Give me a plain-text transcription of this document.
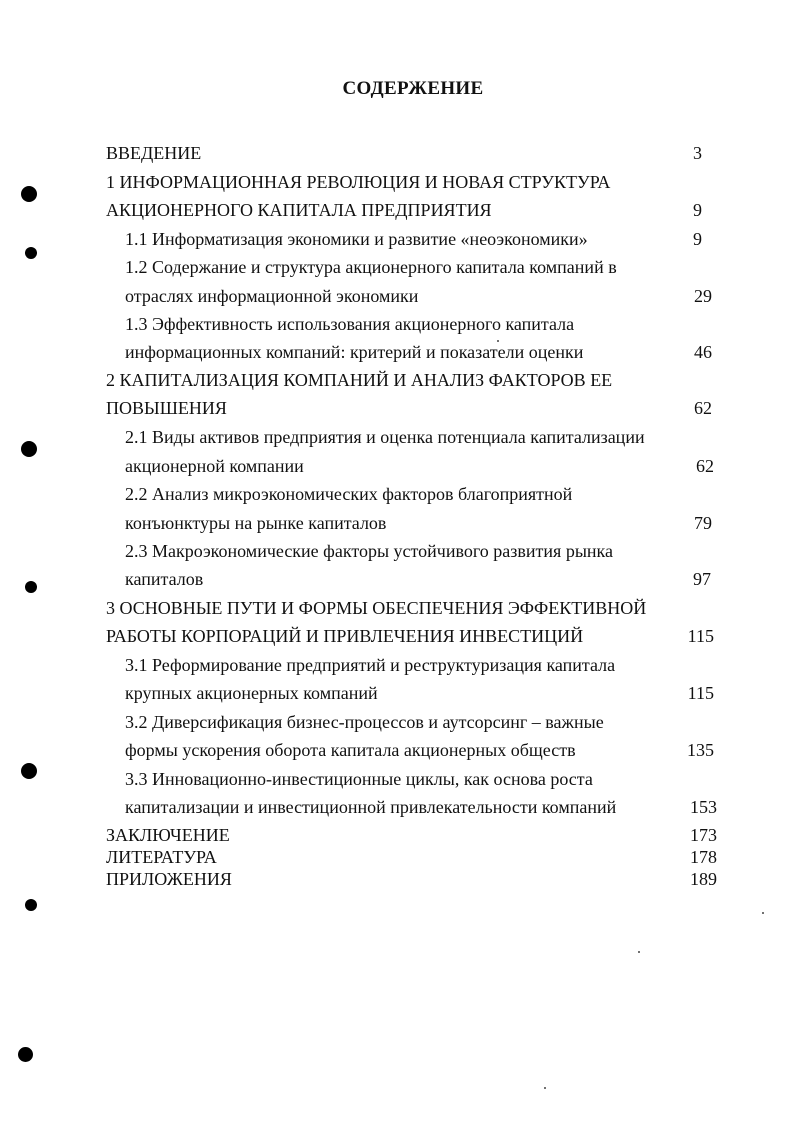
СОДЕРЖЕНИЕ
ВВЕДЕНИЕ	3
1 ИНФОРМАЦИОННАЯ РЕВОЛЮЦИЯ И НОВАЯ СТРУКТУРА
АКЦИОНЕРНОГО КАПИТАЛА ПРЕДПРИЯТИЯ	9
1.1 Информатизация экономики и развитие «неоэкономики»	9
1.2 Содержание и структура акционерного капитала компаний в
отраслях информационной экономики	29
1.3 Эффективность использования акционерного капитала
информационных компаний: критерий и показатели оценки	46
2 КАПИТАЛИЗАЦИЯ КОМПАНИЙ И АНАЛИЗ ФАКТОРОВ ЕЕ
ПОВЫШЕНИЯ	62
2.1 Виды активов предприятия и оценка потенциала капитализации
акционерной компании	62
2.2 Анализ микроэкономических факторов благоприятной
конъюнктуры на рынке капиталов	79
2.3 Макроэкономические факторы устойчивого развития рынка
капиталов	97
3 ОСНОВНЫЕ ПУТИ И ФОРМЫ ОБЕСПЕЧЕНИЯ ЭФФЕКТИВНОЙ
РАБОТЫ КОРПОРАЦИЙ И ПРИВЛЕЧЕНИЯ ИНВЕСТИЦИЙ	115
3.1 Реформирование предприятий и реструктуризация капитала
крупных акционерных компаний	115
3.2 Диверсификация бизнес-процессов и аутсорсинг – важные
формы ускорения оборота капитала акционерных обществ	135
3.3 Инновационно-инвестиционные циклы, как основа роста
капитализации и инвестиционной привлекательности компаний	153
ЗАКЛЮЧЕНИЕ	173
ЛИТЕРАТУРА	178
ПРИЛОЖЕНИЯ	189
